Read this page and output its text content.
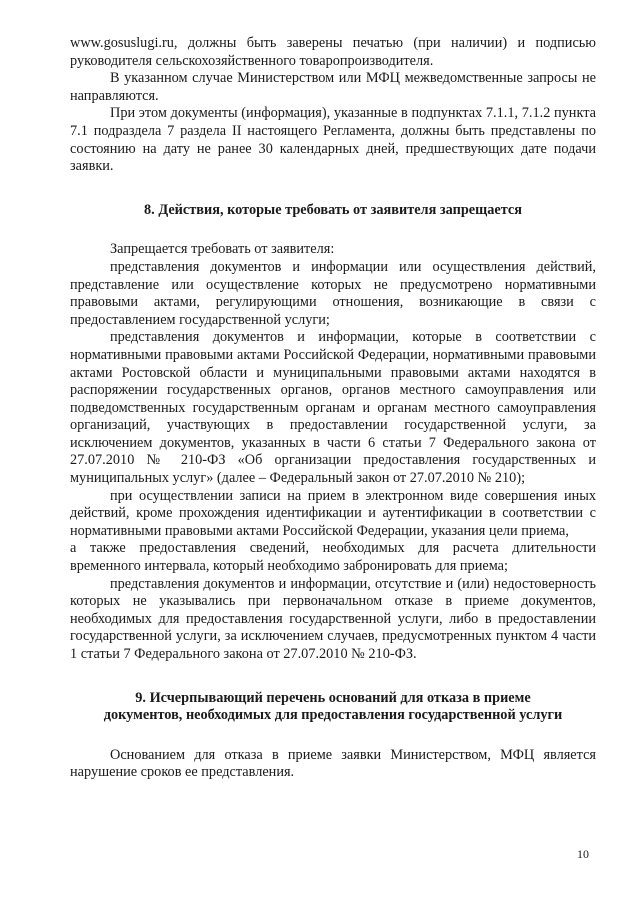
www.gosuslugi.ru, должны быть заверены печатью (при наличии) и подписью руководителя сельскохозяйственного товаропроизводителя.

В указанном случае Министерством или МФЦ межведомственные запросы не направляются.

При этом документы (информация), указанные в подпунктах 7.1.1, 7.1.2 пункта 7.1 подраздела 7 раздела II настоящего Регламента, должны быть представлены по состоянию на дату не ранее 30 календарных дней, предшествующих дате подачи заявки.

8. Действия, которые требовать от заявителя запрещается

Запрещается требовать от заявителя:

представления документов и информации или осуществления действий, представление или осуществление которых не предусмотрено нормативными правовыми актами, регулирующими отношения, возникающие в связи с предоставлением государственной услуги;

представления документов и информации, которые в соответствии с нормативными правовыми актами Российской Федерации, нормативными правовыми актами Ростовской области и муниципальными правовыми актами находятся в распоряжении государственных органов, органов местного самоуправления или подведомственных государственным органам и органам местного самоуправления организаций, участвующих в предоставлении государственной услуги, за исключением документов, указанных в части 6 статьи 7 Федерального закона от 27.07.2010 № 210-ФЗ «Об организации предоставления государственных и муниципальных услуг» (далее – Федеральный закон от 27.07.2010 № 210);

при осуществлении записи на прием в электронном виде совершения иных действий, кроме прохождения идентификации и аутентификации в соответствии с нормативными правовыми актами Российской Федерации, указания цели приема,

а также предоставления сведений, необходимых для расчета длительности временного интервала, который необходимо забронировать для приема;

представления документов и информации, отсутствие и (или) недостоверность которых не указывались при первоначальном отказе в приеме документов, необходимых для предоставления государственной услуги, либо в предоставлении государственной услуги, за исключением случаев, предусмотренных пунктом 4 части 1 статьи 7 Федерального закона от 27.07.2010 № 210-ФЗ.

9. Исчерпывающий перечень оснований для отказа в приеме
документов, необходимых для предоставления государственной услуги

Основанием для отказа в приеме заявки Министерством, МФЦ является нарушение сроков ее представления.

10
